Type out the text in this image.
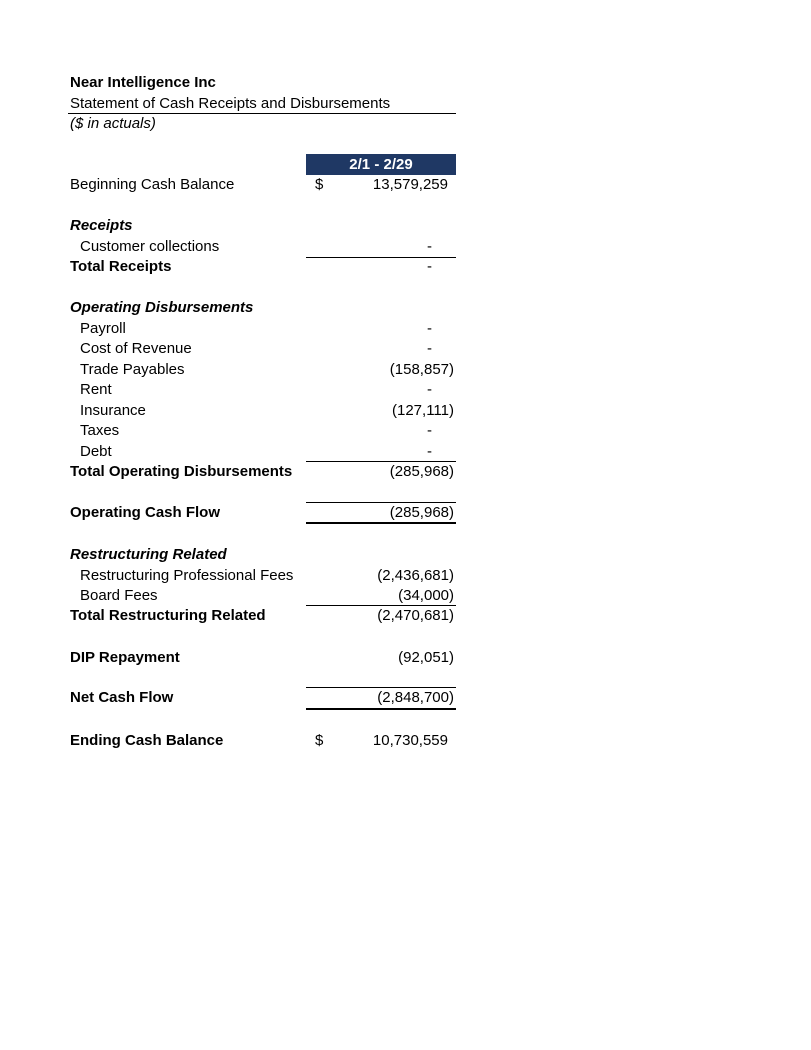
Near Intelligence Inc
Statement of Cash Receipts and Disbursements
($ in actuals)
2/1 - 2/29
Beginning Cash Balance	$	13,579,259
Receipts
Customer collections	-
Total Receipts	-
Operating Disbursements
Payroll	-
Cost of Revenue	-
Trade Payables	(158,857)
Rent	-
Insurance	(127,111)
Taxes	-
Debt	-
Total Operating Disbursements	(285,968)
Operating Cash Flow	(285,968)
Restructuring Related
Restructuring Professional Fees	(2,436,681)
Board Fees	(34,000)
Total Restructuring Related	(2,470,681)
DIP Repayment	(92,051)
Net Cash Flow	(2,848,700)
Ending Cash Balance	$	10,730,559
